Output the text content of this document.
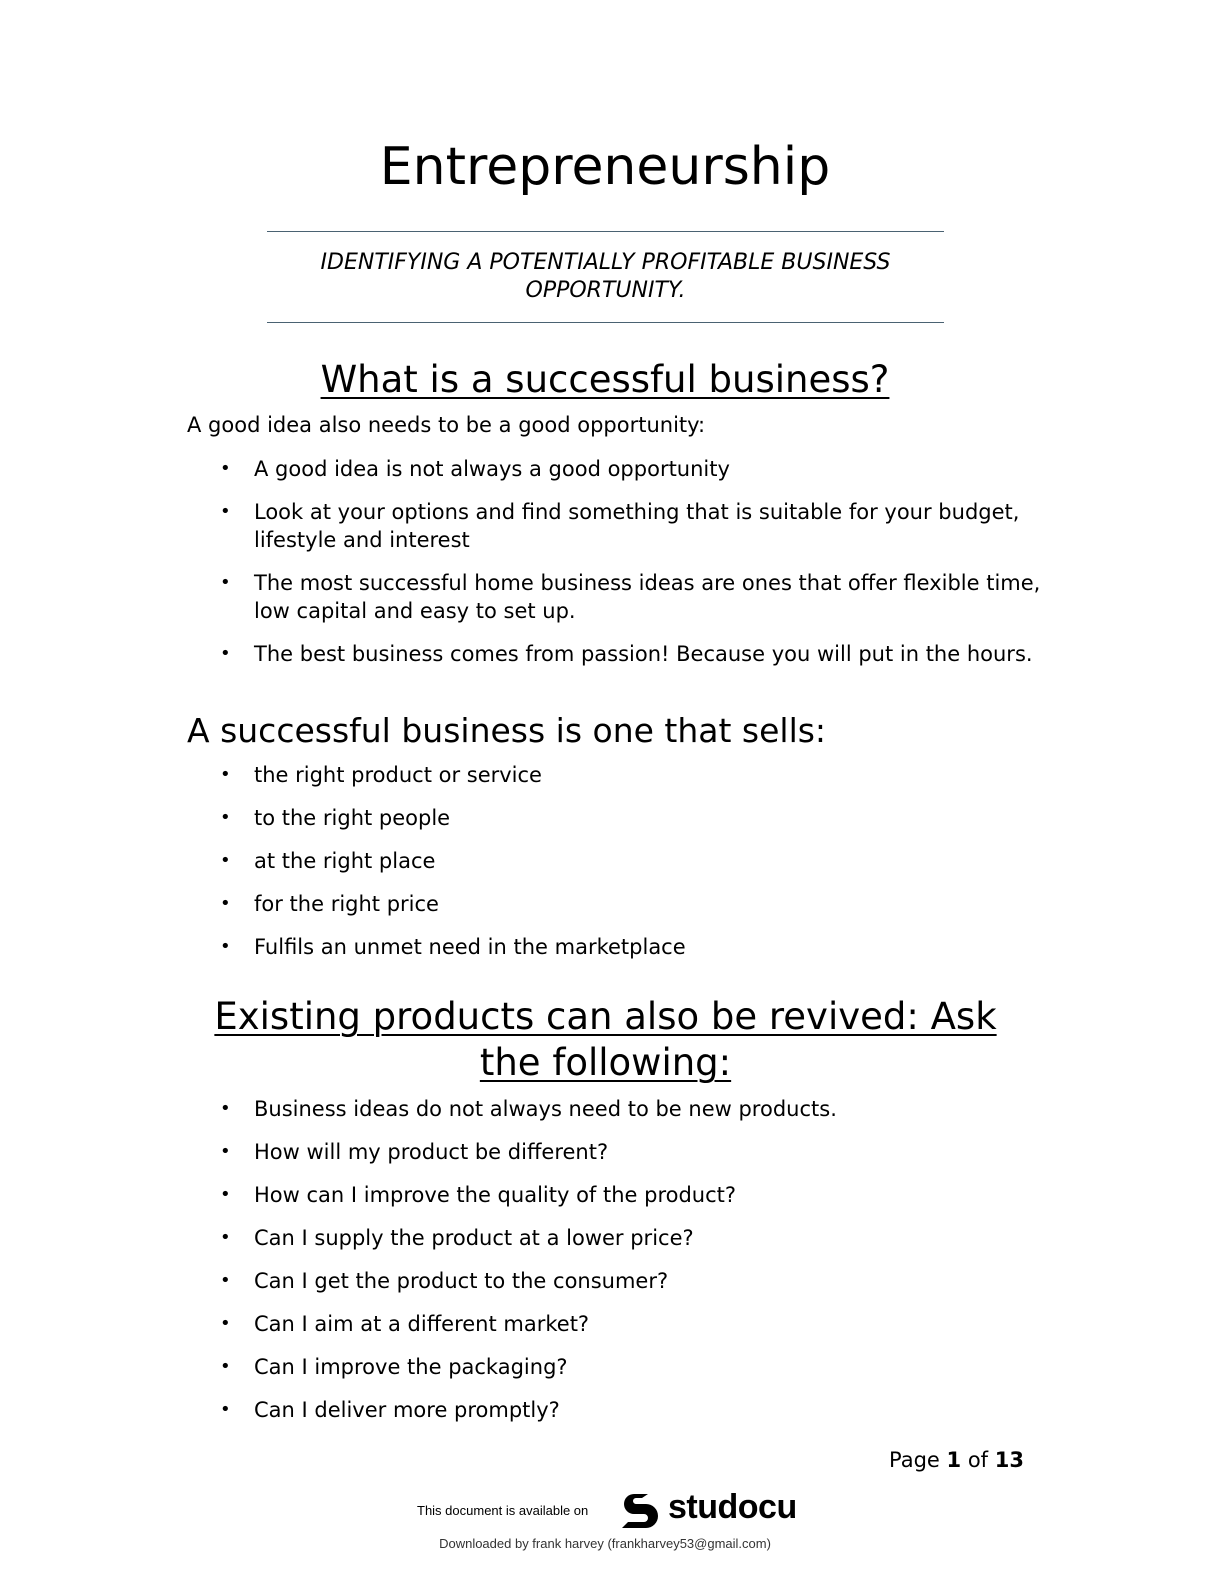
Entrepreneurship

IDENTIFYING A POTENTIALLY PROFITABLE BUSINESS OPPORTUNITY.

What is a successful business?

A good idea also needs to be a good opportunity:

• A good idea is not always a good opportunity
• Look at your options and find something that is suitable for your budget, lifestyle and interest
• The most successful home business ideas are ones that offer flexible time, low capital and easy to set up.
• The best business comes from passion! Because you will put in the hours.
A successful business is one that sells:
• the right product or service
• to the right people
• at the right place
• for the right price
• Fulfils an unmet need in the marketplace
Existing products can also be revived: Ask the following:
• Business ideas do not always need to be new products.
• How will my product be different?
• How can I improve the quality of the product?
• Can I supply the product at a lower price?
• Can I get the product to the consumer?
• Can I aim at a different market?
• Can I improve the packaging?
• Can I deliver more promptly?
Page 1 of 13
This document is available on studocu
Downloaded by frank harvey (frankharvey53@gmail.com)
